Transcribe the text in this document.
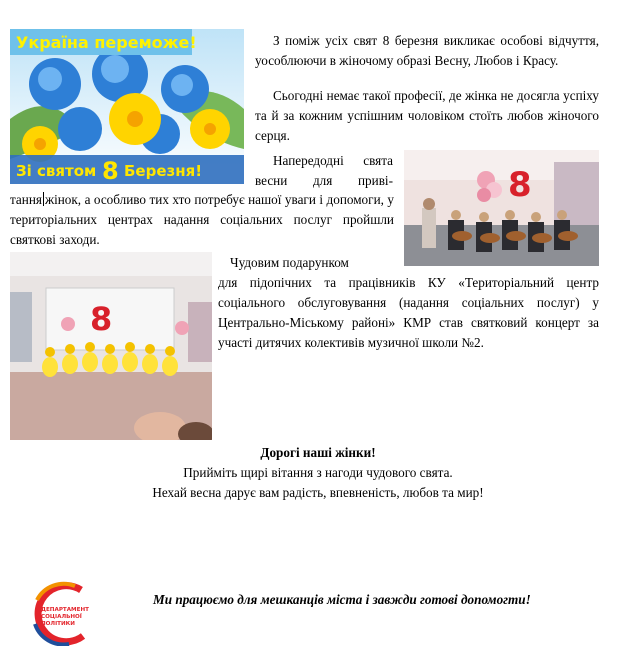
Україна переможе!
Зі святом 8 Березня!	8
8

З поміж усіх свят 8 березня викликає особові відчуття, уособлюючи в жіночому образі Весну, Любов і Красу.

Сьогодні немає такої професії, де жінка не досягла успіху та й за кожним успішним чоловіком стоїть любов жіночого серця.

Напередодні свята весни для приві-

тання жінок, а особливо тих хто потребує нашої уваги і допомоги, у територіальних центрах надання соціальних послуг пройшли святкові заходи.

Чудовим подарунком

для підопічних та працівників КУ «Територіальний центр соціального обслуговування (надання соціальних послуг) у Центрально-Міському районі» КМР став святковий концерт за участі дитячих колективів музичної школи №2.

Дорогі наші жінки!
Прийміть щирі вітання з нагоди чудового свята.
Нехай весна дарує вам радість, впевненість, любов та мир!
ДЕПАРТАМЕНТ
СОЦІАЛЬНОЇ
ПОЛІТИКИ

Ми працюємо для мешканців міста і завжди готові допомогти!
